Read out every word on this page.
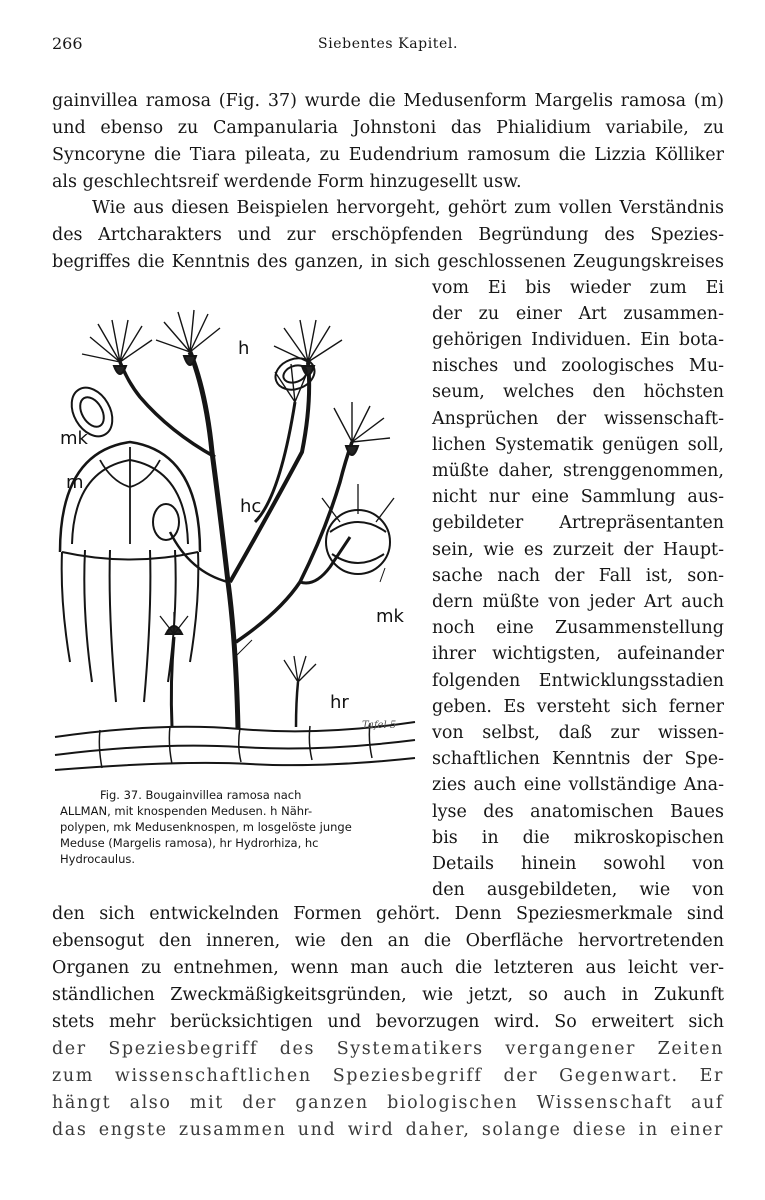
266	Siebentes Kapitel.
gainvillea ramosa (Fig. 37) wurde die Medusenform Margelis ramosa (m)
und ebenso zu Campanularia Johnstoni das Phialidium variabile, zu
Syncoryne die Tiara pileata, zu Eudendrium ramosum die Lizzia Kölliker
als geschlechtsreif werdende Form hinzugesellt usw.
Wie aus diesen Beispielen hervorgeht, gehört zum vollen Verständnis
des Artcharakters und zur erschöpfenden Begründung des Spezies-
begriffes die Kenntnis des ganzen, in sich geschlossenen Zeugungskreises
vom Ei bis wieder zum Ei
der zu einer Art zusammen-
gehörigen Individuen. Ein bota-
nisches und zoologisches Mu-
seum, welches den höchsten
Ansprüchen der wissenschaft-
lichen Systematik genügen soll,
müßte daher, strenggenommen,
nicht nur eine Sammlung aus-
gebildeter Artrepräsentanten
sein, wie es zurzeit der Haupt-
sache nach der Fall ist, son-
dern müßte von jeder Art auch
noch eine Zusammenstellung
ihrer wichtigsten, aufeinander
folgenden Entwicklungsstadien
geben. Es versteht sich ferner
von selbst, daß zur wissen-
schaftlichen Kenntnis der Spe-
zies auch eine vollständige Ana-
lyse des anatomischen Baues
bis in die mikroskopischen
Details hinein sowohl von
den ausgebildeten, wie von
h
mk
m
hc
mk
hr
Tafel 5
Fig. 37. Bougainvillea ramosa nach
ALLMAN, mit knospenden Medusen. h Nähr-
polypen, mk Medusenknospen, m losgelöste junge
Meduse (Margelis ramosa), hr Hydrorhiza, hc
Hydrocaulus.
den sich entwickelnden Formen gehört. Denn Speziesmerkmale sind
ebensogut den inneren, wie den an die Oberfläche hervortretenden
Organen zu entnehmen, wenn man auch die letzteren aus leicht ver-
ständlichen Zweckmäßigkeitsgründen, wie jetzt, so auch in Zukunft
stets mehr berücksichtigen und bevorzugen wird. So erweitert sich
der Speziesbegriff des Systematikers vergangener Zeiten
zum wissenschaftlichen Speziesbegriff der Gegenwart. Er
hängt also mit der ganzen biologischen Wissenschaft auf
das engste zusammen und wird daher, solange diese in einer
